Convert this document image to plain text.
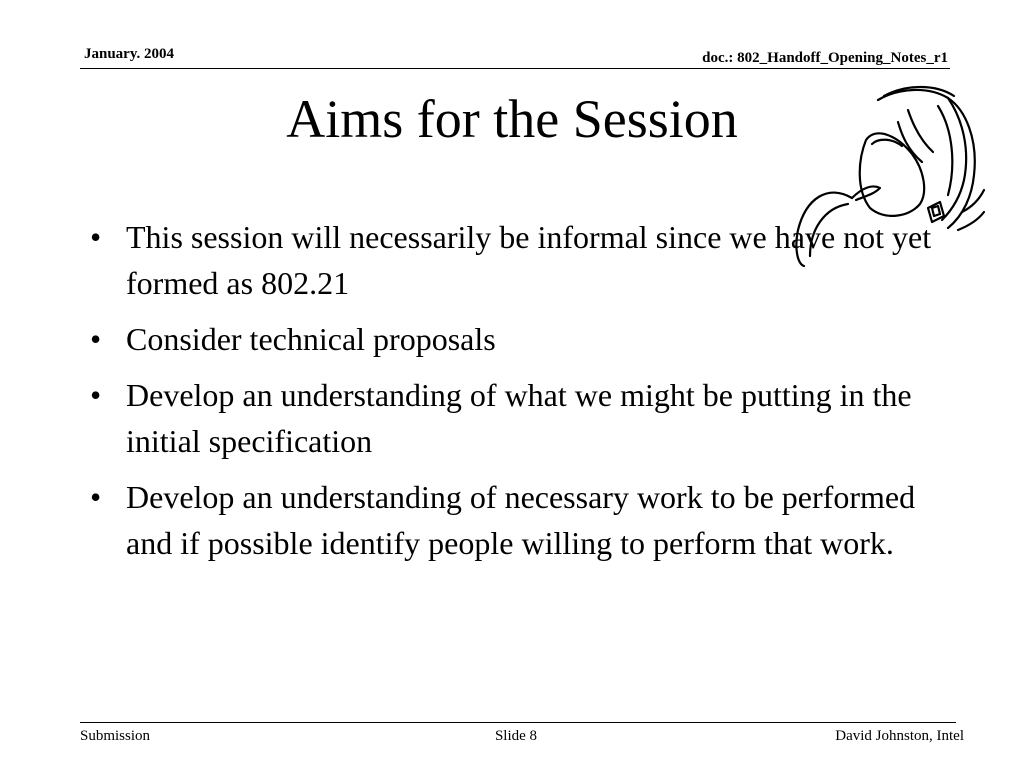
January. 2004	doc.: 802_Handoff_Opening_Notes_r1
Aims for the Session
• This session will necessarily be informal since we have not yet formed as 802.21
• Consider technical proposals
• Develop an understanding of what we might be putting in the initial specification
• Develop an understanding of necessary work to be performed and if possible identify people willing to perform that work.
Submission	Slide 8	David Johnston, Intel
